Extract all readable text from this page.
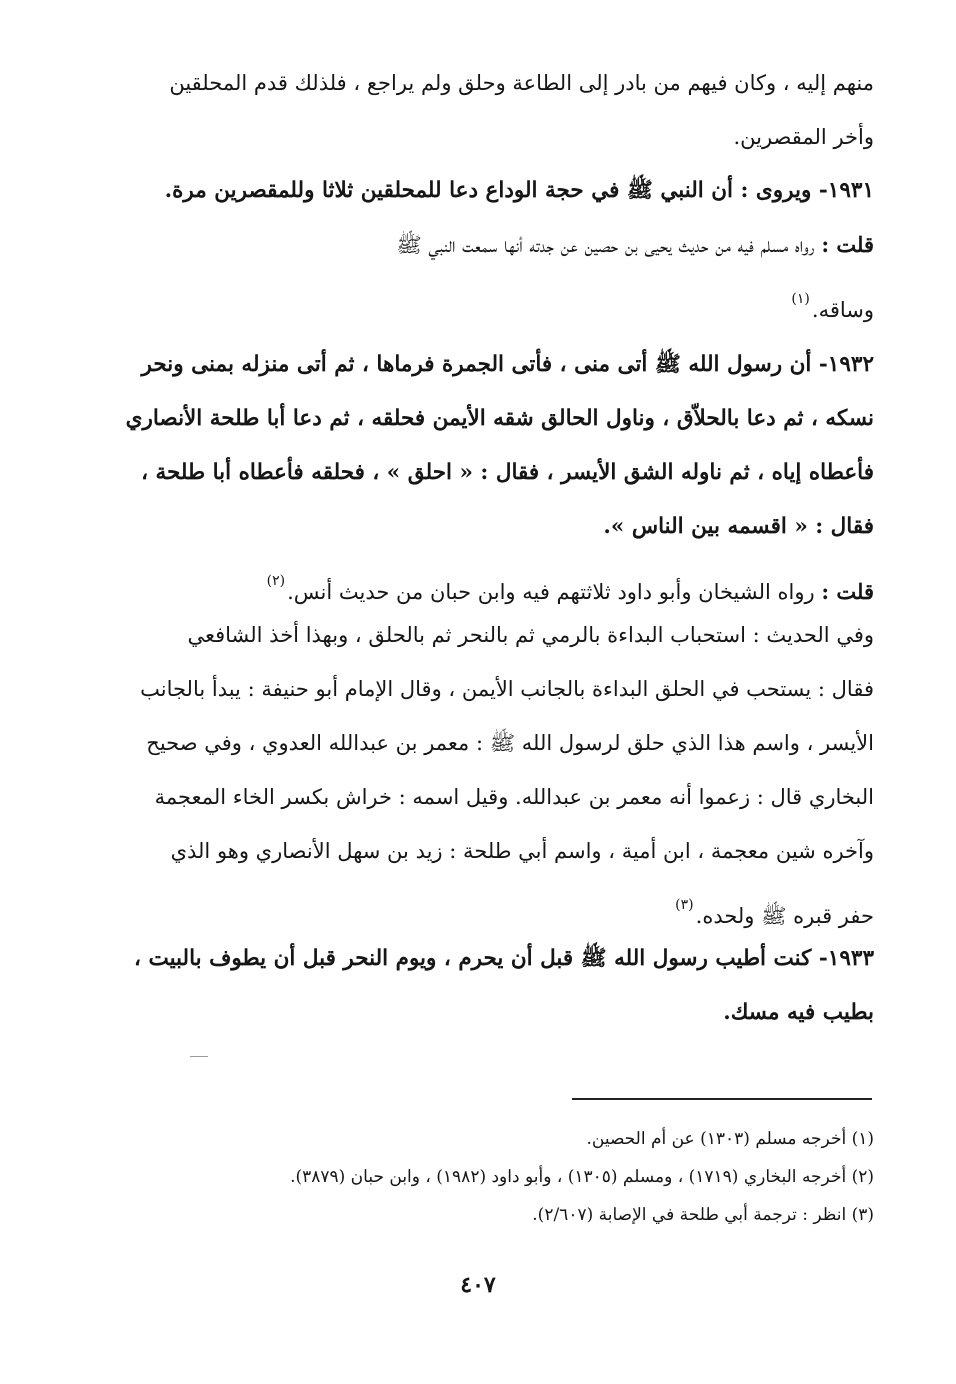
منهم إليه ، وكان فيهم من بادر إلى الطاعة وحلق ولم يراجع ، فلذلك قدم المحلقين
وأخر المقصرين.
١٩٣١- ويروى : أن النبي ﷺ في حجة الوداع دعا للمحلقين ثلاثا وللمقصرين مرة.
قلت : رواه مسلم فيه من حديث يحيى بن حصين عن جدته أنها سمعت النبي ﷺ
وساقه.$^{(١)}$
١٩٣٢- أن رسول الله ﷺ أتى منى ، فأتى الجمرة فرماها ، ثم أتى منزله بمنى ونحر
نسكه ، ثم دعا بالحلاّق ، وناول الحالق شقه الأيمن فحلقه ، ثم دعا أبا طلحة الأنصاري
فأعطاه إياه ، ثم ناوله الشق الأيسر ، فقال : « احلق » ، فحلقه فأعطاه أبا طلحة ،
فقال : « اقسمه بين الناس ».
قلت : رواه الشيخان وأبو داود ثلاثتهم فيه وابن حبان من حديث أنس.$^{(٢)}$
وفي الحديث : استحباب البداءة بالرمي ثم بالنحر ثم بالحلق ، وبهذا أخذ الشافعي
فقال : يستحب في الحلق البداءة بالجانب الأيمن ، وقال الإمام أبو حنيفة : يبدأ بالجانب
الأيسر ، واسم هذا الذي حلق لرسول الله ﷺ : معمر بن عبدالله العدوي ، وفي صحيح
البخاري قال : زعموا أنه معمر بن عبدالله. وقيل اسمه : خراش بكسر الخاء المعجمة
وآخره شين معجمة ، ابن أمية ، واسم أبي طلحة : زيد بن سهل الأنصاري وهو الذي
حفر قبره ﷺ ولحده.$^{(٣)}$
١٩٣٣- كنت أطيب رسول الله ﷺ قبل أن يحرم ، ويوم النحر قبل أن يطوف بالبيت ،
بطيب فيه مسك.
(١) أخرجه مسلم (١٣٠٣) عن أم الحصين.
(٢) أخرجه البخاري (١٧١٩) ، ومسلم (١٣٠٥) ، وأبو داود (١٩٨٢) ، وابن حبان (٣٨٧٩).
(٣) انظر : ترجمة أبي طلحة في الإصابة (٢/٦٠٧).
٤٠٧
